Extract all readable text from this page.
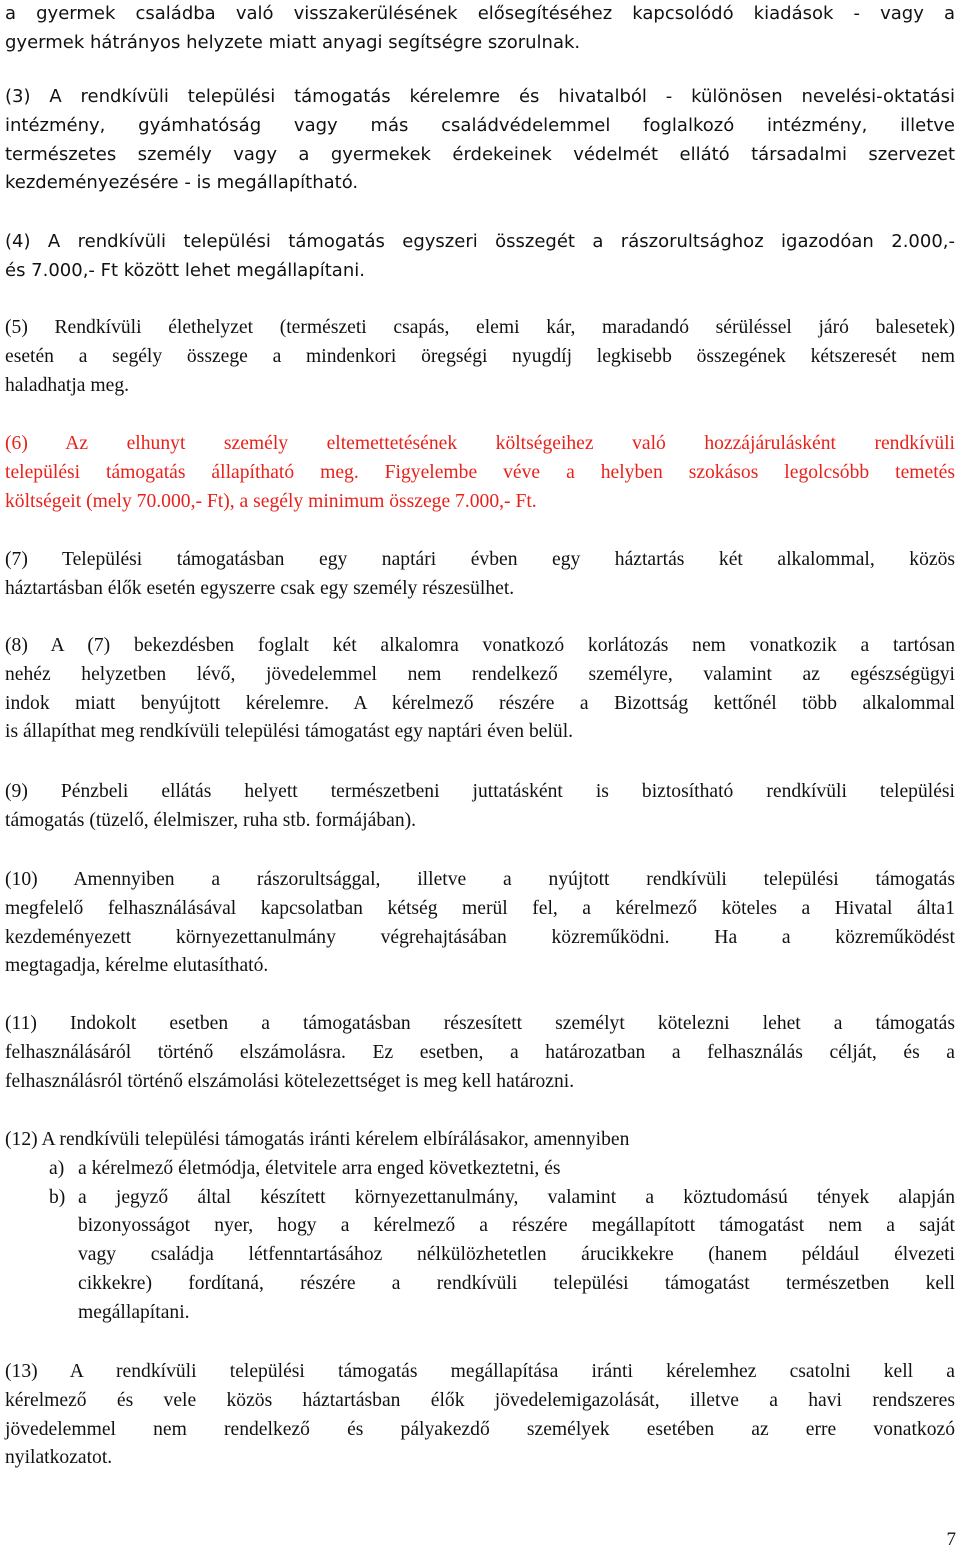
a gyermek családba való visszakerülésének elősegítéséhez kapcsolódó kiadások - vagy a
gyermek hátrányos helyzete miatt anyagi segítségre szorulnak.
(3) A rendkívüli települési támogatás kérelemre és hivatalból - különösen nevelési-oktatási
intézmény, gyámhatóság vagy más családvédelemmel foglalkozó intézmény, illetve
természetes személy vagy a gyermekek érdekeinek védelmét ellátó társadalmi szervezet
kezdeményezésére - is megállapítható.
(4) A rendkívüli települési támogatás egyszeri összegét a rászorultsághoz igazodóan 2.000,-
és 7.000,- Ft között lehet megállapítani.
(5) Rendkívüli élethelyzet (természeti csapás, elemi kár, maradandó sérüléssel járó balesetek)
esetén a segély összege a mindenkori öregségi nyugdíj legkisebb összegének kétszeresét nem
haladhatja meg.
(6) Az elhunyt személy eltemettetésének költségeihez való hozzájárulásként rendkívüli
települési támogatás állapítható meg. Figyelembe véve a helyben szokásos legolcsóbb temetés
költségeit (mely 70.000,- Ft), a segély minimum összege 7.000,- Ft.
(7) Települési támogatásban egy naptári évben egy háztartás két alkalommal, közös
háztartásban élők esetén egyszerre csak egy személy részesülhet.
(8) A (7) bekezdésben foglalt két alkalomra vonatkozó korlátozás nem vonatkozik a tartósan
nehéz helyzetben lévő, jövedelemmel nem rendelkező személyre, valamint az egészségügyi
indok miatt benyújtott kérelemre. A kérelmező részére a Bizottság kettőnél több alkalommal
is állapíthat meg rendkívüli települési támogatást egy naptári éven belül.
(9) Pénzbeli ellátás helyett természetbeni juttatásként is biztosítható rendkívüli települési
támogatás (tüzelő, élelmiszer, ruha stb. formájában).
(10) Amennyiben a rászorultsággal, illetve a nyújtott rendkívüli települési támogatás
megfelelő felhasználásával kapcsolatban kétség merül fel, a kérelmező köteles a Hivatal álta1
kezdeményezett környezettanulmány végrehajtásában közreműködni. Ha a közreműködést
megtagadja, kérelme elutasítható.
(11) Indokolt esetben a támogatásban részesített személyt kötelezni lehet a támogatás
felhasználásáról történő elszámolásra. Ez esetben, a határozatban a felhasználás célját, és a
felhasználásról történő elszámolási kötelezettséget is meg kell határozni.
(12) A rendkívüli települési támogatás iránti kérelem elbírálásakor, amennyiben
a) a kérelmező életmódja, életvitele arra enged következtetni, és
b) a jegyző által készített környezettanulmány, valamint a köztudomású tények alapján
bizonyosságot nyer, hogy a kérelmező a részére megállapított támogatást nem a saját
vagy családja létfenntartásához nélkülözhetetlen árucikkekre (hanem például élvezeti
cikkekre) fordítaná, részére a rendkívüli települési támogatást természetben kell
megállapítani.
(13) A rendkívüli települési támogatás megállapítása iránti kérelemhez csatolni kell a
kérelmező és vele közös háztartásban élők jövedelemigazolását, illetve a havi rendszeres
jövedelemmel nem rendelkező és pályakezdő személyek esetében az erre vonatkozó
nyilatkozatot.
7
